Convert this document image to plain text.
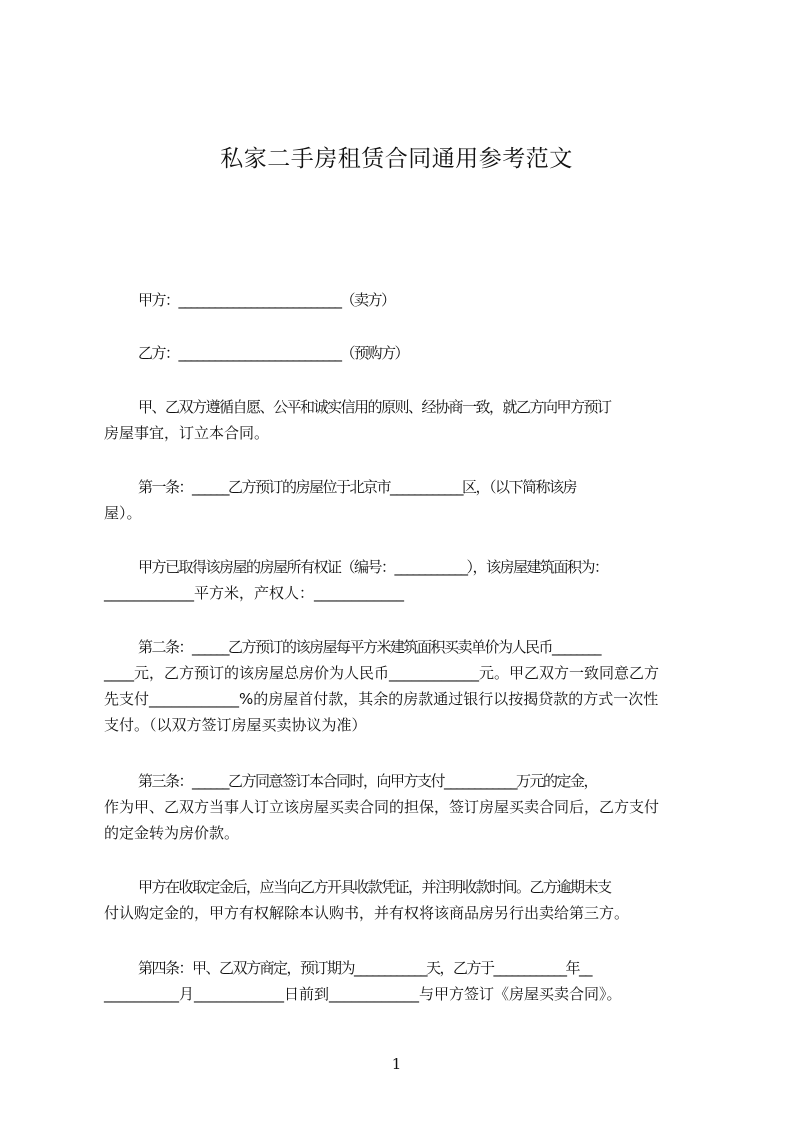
私家二手房租赁合同通用参考范文

甲方：___________________________（卖方）

乙方：___________________________（预购方）

甲、乙双方遵循自愿、公平和诚实信用的原则、经协商一致，就乙方向甲方预订
房屋事宜，订立本合同。

第一条：______乙方预订的房屋位于北京市____________区，（以下简称该房
屋）。

甲方已取得该房屋的房屋所有权证（编号：____________），该房屋建筑面积为：
____________平方米，产权人：____________

第二条：______乙方预订的该房屋每平方米建筑面积买卖单价为人民币________
____元，乙方预订的该房屋总房价为人民币____________元。甲乙双方一致同意乙方
先支付____________%的房屋首付款，其余的房款通过银行以按揭贷款的方式一次性
支付。（以双方签订房屋买卖协议为准）

第三条：______乙方同意签订本合同时，向甲方支付____________万元的定金，
作为甲、乙双方当事人订立该房屋买卖合同的担保，签订房屋买卖合同后，乙方支付
的定金转为房价款。

甲方在收取定金后，应当向乙方开具收款凭证，并注明收款时间。乙方逾期未支
付认购定金的，甲方有权解除本认购书，并有权将该商品房另行出卖给第三方。

第四条：甲、乙双方商定，预订期为____________天，乙方于____________年__
__________月____________日前到____________与甲方签订《房屋买卖合同》。

1
